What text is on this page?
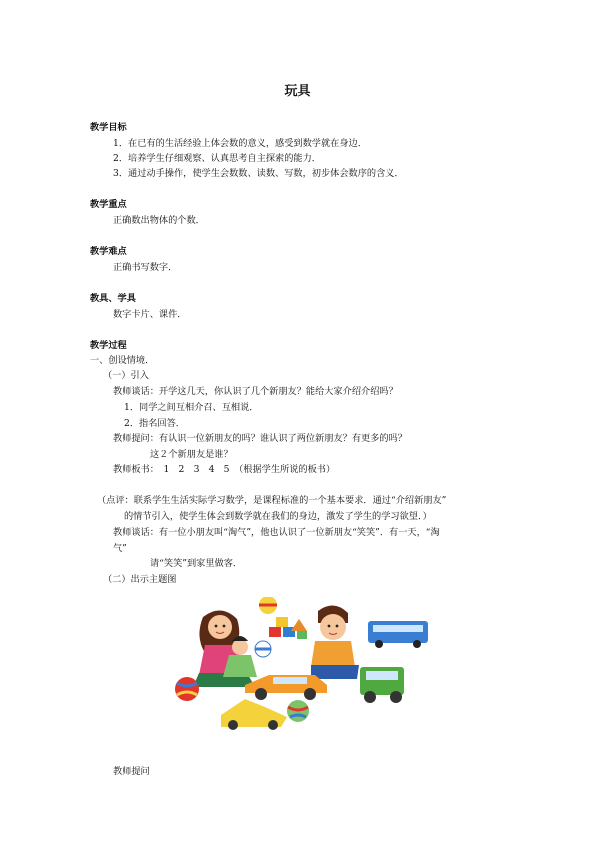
玩具
教学目标
1．在已有的生活经验上体会数的意义，感受到数学就在身边．
2．培养学生仔细观察、认真思考自主探索的能力．
3．通过动手操作，使学生会数数、读数、写数，初步体会数序的含义．
教学重点
正确数出物体的个数．
教学难点
正确书写数字．
教具、学具
数字卡片、课件．
教学过程
一、创设情境．
（一）引入
教师谈话：开学这几天，你认识了几个新朋友？能给大家介绍介绍吗？
1．同学之间互相介召、互相说．
2．指名回答．
教师提问：有认识一位新朋友的吗？谁认识了两位新朋友？有更多的吗？
这２个新朋友是谁？
教师板书：　1　2　3　4　5　（根据学生所说的板书）
（点评：联系学生生活实际学习数学，是课程标准的一个基本要求．通过“介绍新朋友”
的情节引入，使学生体会到数学就在我们的身边，激发了学生的学习欲望．）
教师谈话：有一位小朋友叫“淘气”，他也认识了一位新朋友“笑笑”．有一天，“淘
气”
请“笑笑”到家里做客．
（二）出示主题图
教师提问
